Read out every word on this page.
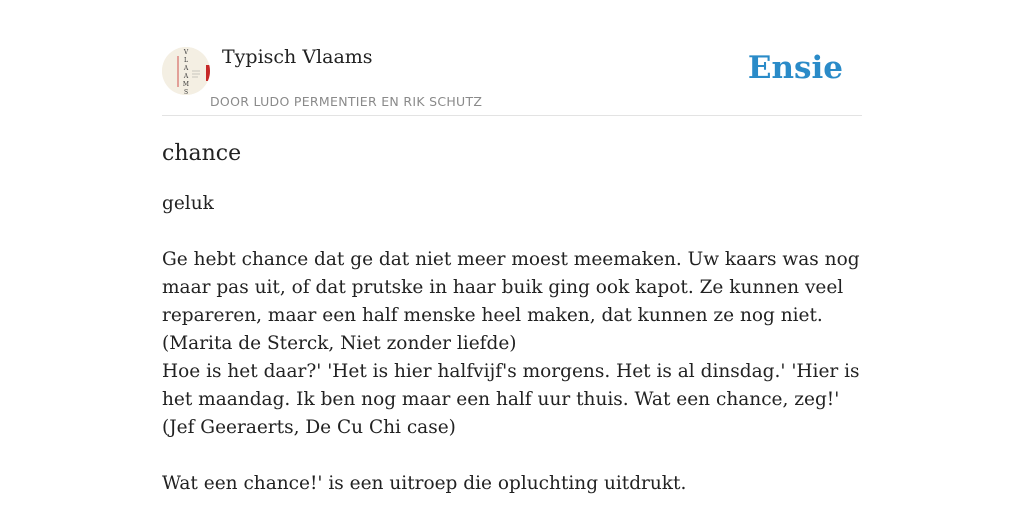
V
L
A
A
M
S
Typisch Vlaams
DOOR LUDO PERMENTIER EN RIK SCHUTZ
Ensie
chance
geluk

Ge hebt chance dat ge dat niet meer moest meemaken. Uw kaars was nog maar pas uit, of dat prutske in haar buik ging ook kapot. Ze kunnen veel repareren, maar een half menske heel maken, dat kunnen ze nog niet.

(Marita de Sterck, Niet zonder liefde)

Hoe is het daar?' 'Het is hier halfvijf's morgens. Het is al dinsdag.' 'Hier is het maandag. Ik ben nog maar een half uur thuis. Wat een chance, zeg!'

(Jef Geeraerts, De Cu Chi case)

Wat een chance!' is een uitroep die opluchting uitdrukt.
